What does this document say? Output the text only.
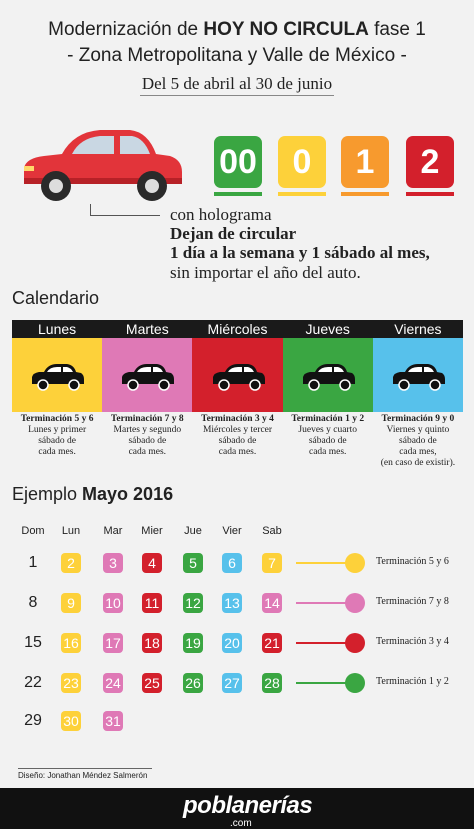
Modernización de HOY NO CIRCULA fase 1
- Zona Metropolitana y Valle de México -
Del 5 de abril al 30 de junio
00	0	1	2
con holograma
Dejan de circular
1 día a la semana y 1 sábado al mes,
sin importar el año del auto.
Calendario
Lunes	Martes	Miércoles	Jueves	Viernes
Terminación 5 y 6
Lunes y primer
sábado de
cada mes.
Terminación 7 y 8
Martes y segundo
sábado de
cada mes.
Terminación 3 y 4
Miércoles y tercer
sábado de
cada mes.
Terminación 1 y 2
Jueves y cuarto
sábado de
cada mes.
Terminación 9 y 0
Viernes y quinto
sábado de
cada mes,
(en caso de existir).
Ejemplo Mayo 2016
Dom	Lun	Mar	Mier	Jue	Vier	Sab
1	2	3	4	5	6	7
8	9	10 11 12 13 14
15	16 17 18 19 20 21
22	23 24 25 26 27 28
29	30 31
Terminación 5 y 6
Terminación 7 y 8
Terminación 3 y 4
Terminación 1 y 2
Diseño: Jonathan Méndez Salmerón
poblanerías
.com
